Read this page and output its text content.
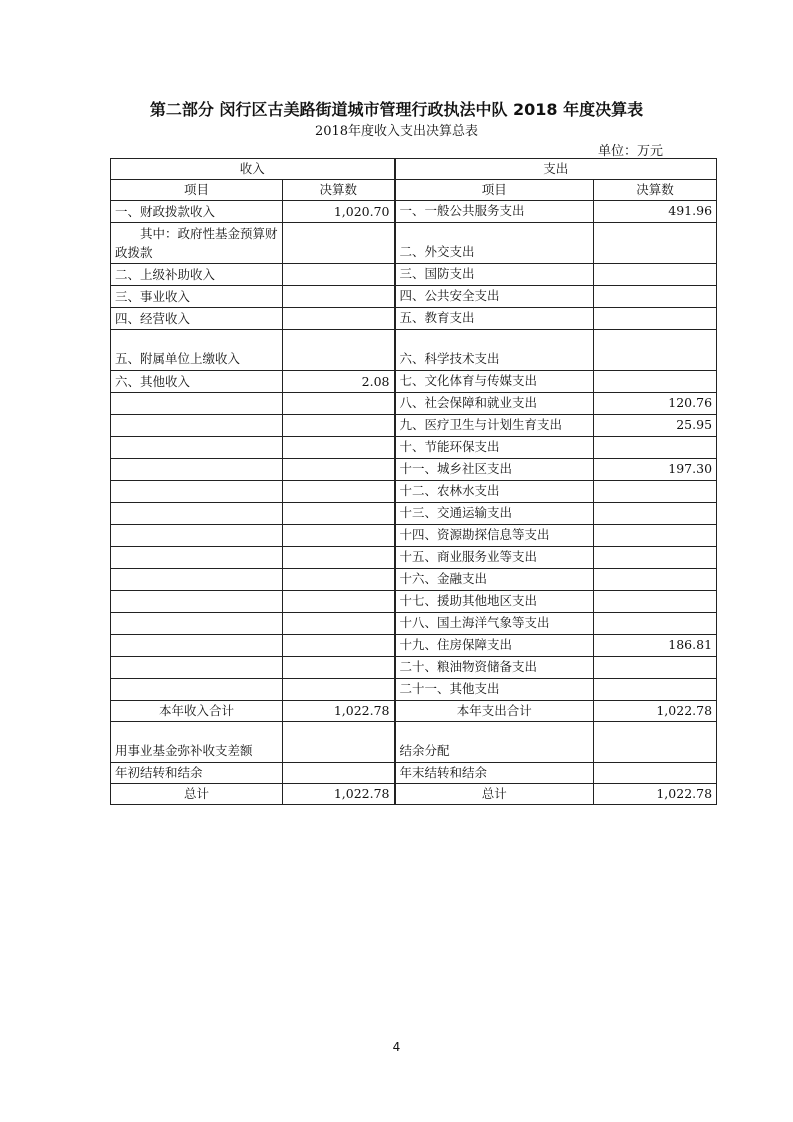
第二部分 闵行区古美路街道城市管理行政执法中队 2018 年度决算表
2018年度收入支出决算总表
单位：万元
收入		支出	
项目	决算数	项目	决算数
一、财政拨款收入	1,020.70	一、一般公共服务支出	491.96
其中：政府性基金预算财政拨款		二、外交支出	
二、上级补助收入		三、国防支出	
三、事业收入		四、公共安全支出	
四、经营收入		五、教育支出	
五、附属单位上缴收入		六、科学技术支出	
六、其他收入	2.08	七、文化体育与传媒支出	
		八、社会保障和就业支出	120.76
		九、医疗卫生与计划生育支出	25.95
		十、节能环保支出	
		十一、城乡社区支出	197.30
		十二、农林水支出	
		十三、交通运输支出	
		十四、资源勘探信息等支出	
		十五、商业服务业等支出	
		十六、金融支出	
		十七、援助其他地区支出	
		十八、国土海洋气象等支出	
		十九、住房保障支出	186.81
		二十、粮油物资储备支出	
		二十一、其他支出	
本年收入合计	1,022.78	本年支出合计	1,022.78
用事业基金弥补收支差额		结余分配	
年初结转和结余		年末结转和结余	
总计	1,022.78	总计	1,022.78
4
